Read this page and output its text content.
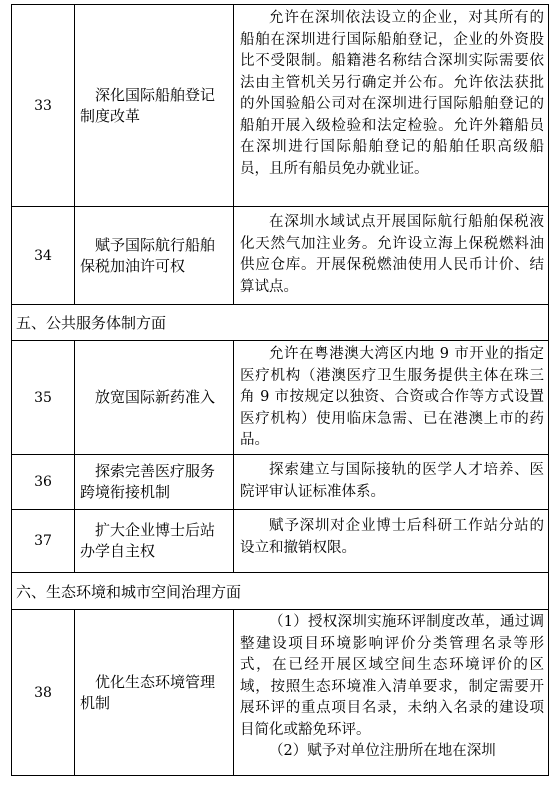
33
深化国际船舶登记制度改革

允许在深圳依法设立的企业，对其所有的船舶在深圳进行国际船舶登记，企业的外资股比不受限制。船籍港名称结合深圳实际需要依法由主管机关另行确定并公布。允许依法获批的外国验船公司对在深圳进行国际船舶登记的船舶开展入级检验和法定检验。允许外籍船员在深圳进行国际船舶登记的船舶任职高级船员，且所有船员免办就业证。

34
赋予国际航行船舶保税加油许可权

在深圳水域试点开展国际航行船舶保税液化天然气加注业务。允许设立海上保税燃料油供应仓库。开展保税燃油使用人民币计价、结算试点。

五、公共服务体制方面
35	放宽国际新药准入

允许在粤港澳大湾区内地 9 市开业的指定医疗机构（港澳医疗卫生服务提供主体在珠三角 9 市按规定以独资、合资或合作等方式设置医疗机构）使用临床急需、已在港澳上市的药品。

36
探索完善医疗服务跨境衔接机制

探索建立与国际接轨的医学人才培养、医院评审认证标准体系。

37
扩大企业博士后站办学自主权

赋予深圳对企业博士后科研工作站分站的设立和撤销权限。

六、生态环境和城市空间治理方面
38
优化生态环境管理机制

（1）授权深圳实施环评制度改革，通过调整建设项目环境影响评价分类管理名录等形式，在已经开展区域空间生态环境评价的区域，按照生态环境准入清单要求，制定需要开展环评的重点项目名录，未纳入名录的建设项目简化或豁免环评。

（2）赋予对单位注册所在地在深圳
